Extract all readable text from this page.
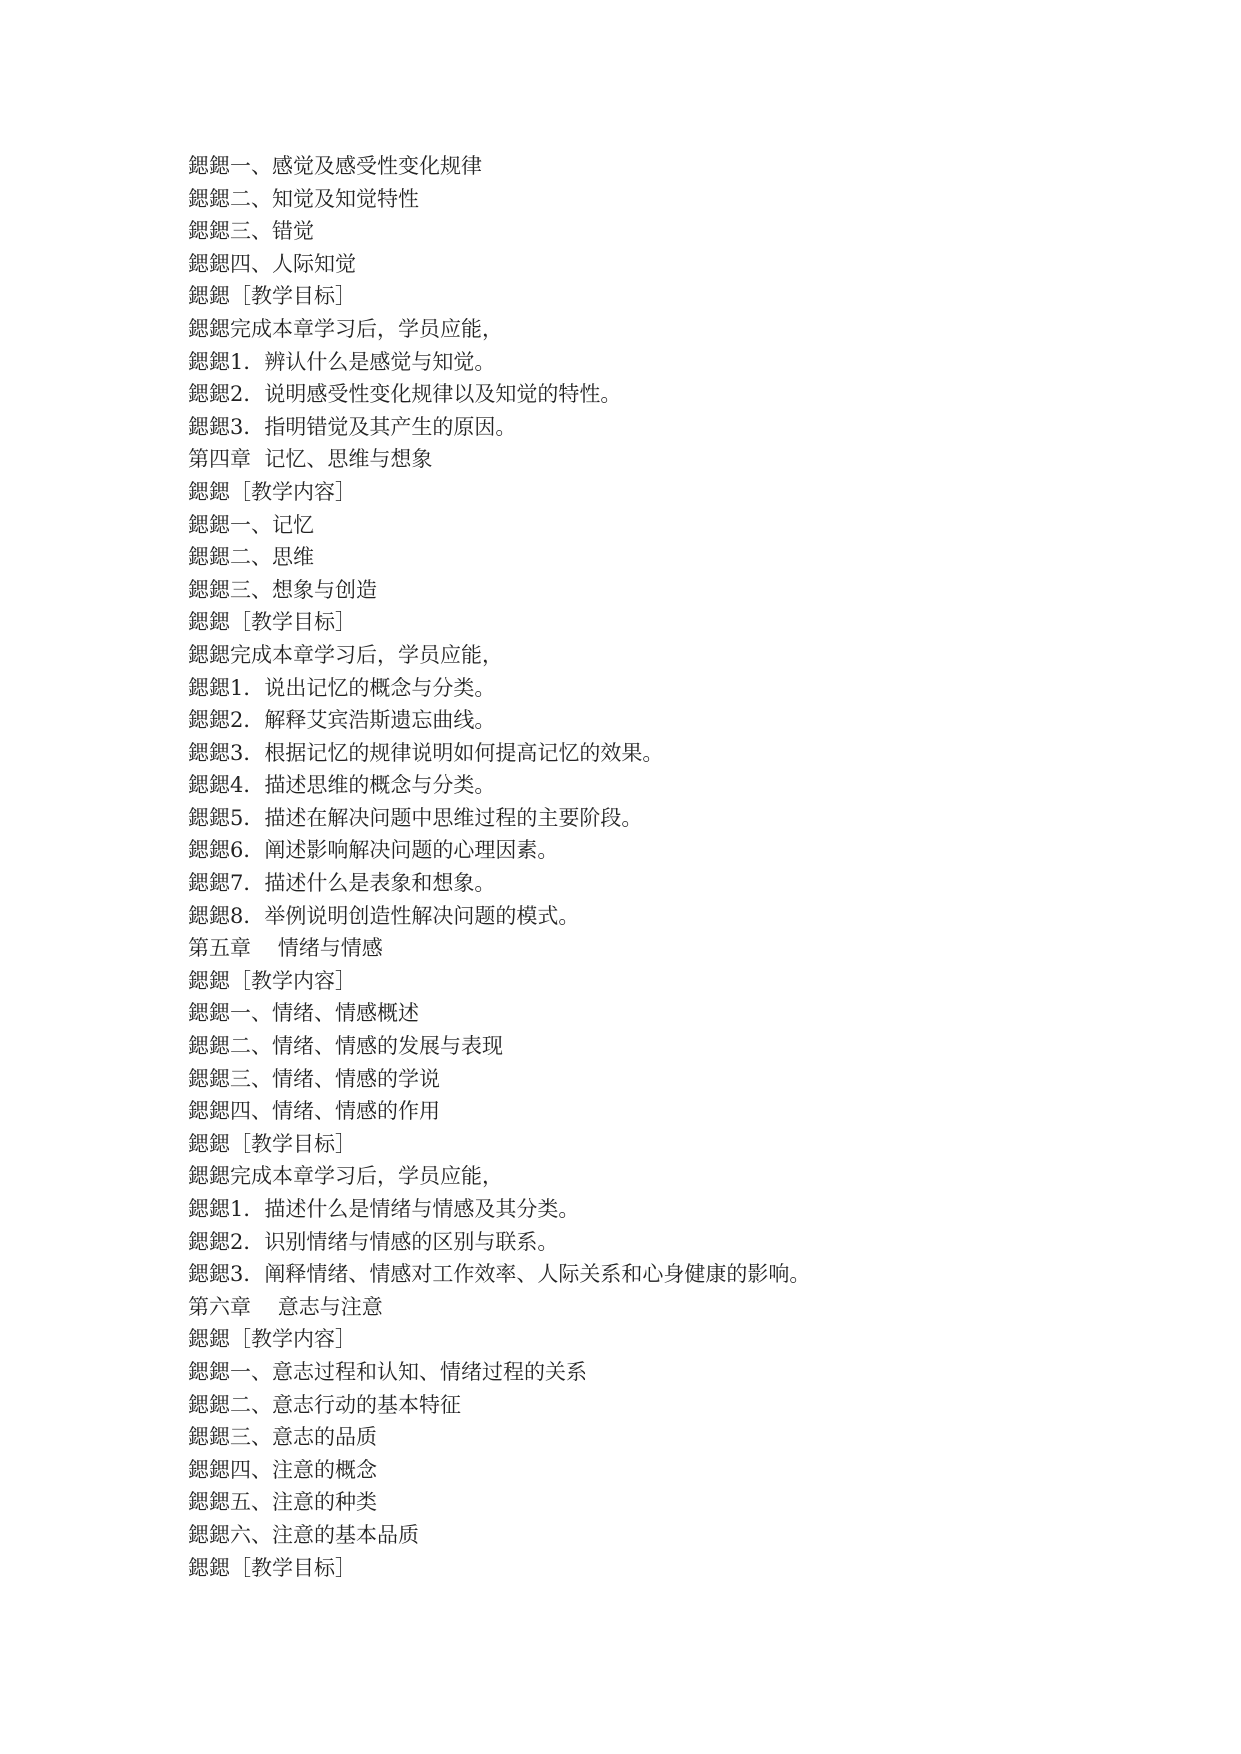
鍶鍶一、感觉及感受性变化规律
鍶鍶二、知觉及知觉特性
鍶鍶三、错觉
鍶鍶四、人际知觉
鍶鍶［教学目标］
鍶鍶完成本章学习后，学员应能，
鍶鍶1．辨认什么是感觉与知觉。
鍶鍶2．说明感受性变化规律以及知觉的特性。
鍶鍶3．指明错觉及其产生的原因。
第四章  记忆、思维与想象
鍶鍶［教学内容］
鍶鍶一、记忆
鍶鍶二、思维
鍶鍶三、想象与创造
鍶鍶［教学目标］
鍶鍶完成本章学习后，学员应能，
鍶鍶1．说出记忆的概念与分类。
鍶鍶2．解释艾宾浩斯遗忘曲线。
鍶鍶3．根据记忆的规律说明如何提高记忆的效果。
鍶鍶4．描述思维的概念与分类。
鍶鍶5．描述在解决问题中思维过程的主要阶段。
鍶鍶6．阐述影响解决问题的心理因素。
鍶鍶7．描述什么是表象和想象。
鍶鍶8．举例说明创造性解决问题的模式。
第五章    情绪与情感
鍶鍶［教学内容］
鍶鍶一、情绪、情感概述
鍶鍶二、情绪、情感的发展与表现
鍶鍶三、情绪、情感的学说
鍶鍶四、情绪、情感的作用
鍶鍶［教学目标］
鍶鍶完成本章学习后，学员应能，
鍶鍶1．描述什么是情绪与情感及其分类。
鍶鍶2．识别情绪与情感的区别与联系。
鍶鍶3．阐释情绪、情感对工作效率、人际关系和心身健康的影响。
第六章    意志与注意
鍶鍶［教学内容］
鍶鍶一、意志过程和认知、情绪过程的关系
鍶鍶二、意志行动的基本特征
鍶鍶三、意志的品质
鍶鍶四、注意的概念
鍶鍶五、注意的种类
鍶鍶六、注意的基本品质
鍶鍶［教学目标］
